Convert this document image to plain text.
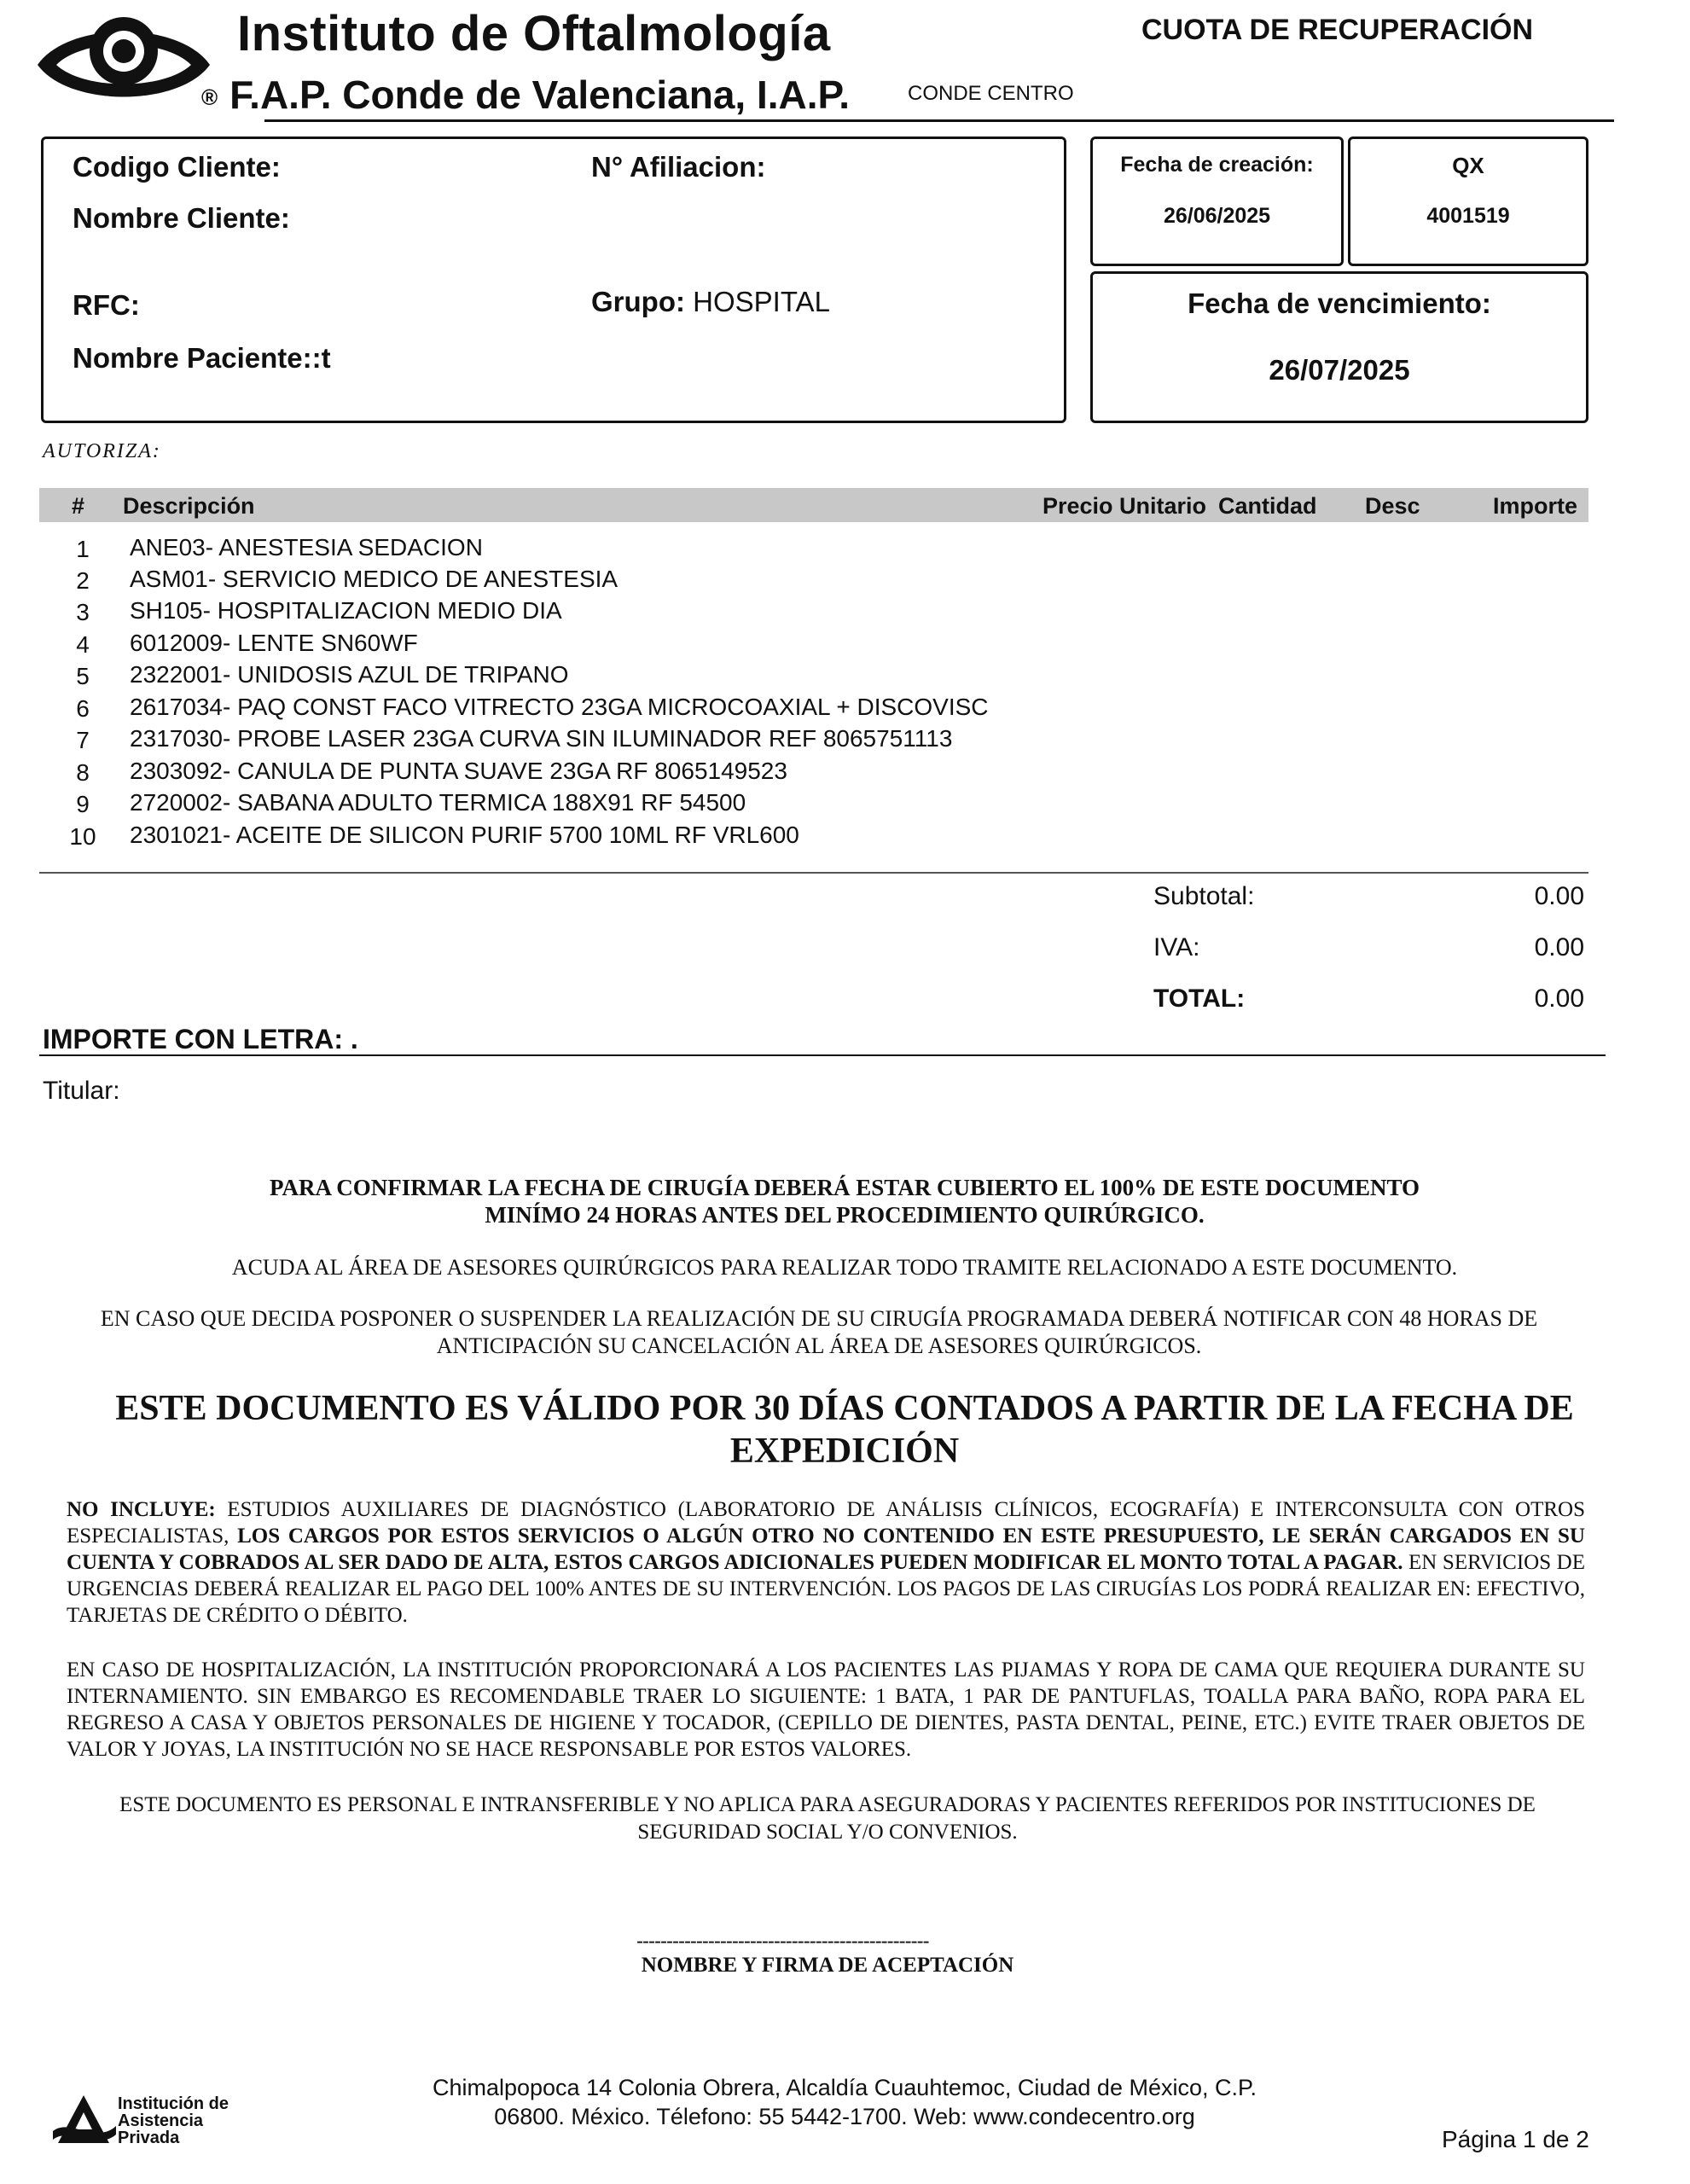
Instituto de Oftalmología
® F.A.P. Conde de Valenciana, I.A.P.	CONDE CENTRO
CUOTA DE RECUPERACIÓN
Codigo Cliente:
Nombre Cliente:
RFC:
Nombre Paciente::t
N° Afiliacion:
Grupo: HOSPITAL
Fecha de creación:
26/06/2025
QX
4001519
Fecha de vencimiento:
26/07/2025
AUTORIZA:
# Descripción	Precio Unitario Cantidad Desc	Importe
1	ANE03- ANESTESIA SEDACION
2	ASM01- SERVICIO MEDICO DE ANESTESIA
3	SH105- HOSPITALIZACION MEDIO DIA
4	6012009- LENTE SN60WF
5	2322001- UNIDOSIS AZUL DE TRIPANO
6	2617034- PAQ CONST FACO VITRECTO 23GA MICROCOAXIAL + DISCOVISC
7	2317030- PROBE LASER 23GA CURVA SIN ILUMINADOR REF 8065751113
8	2303092- CANULA DE PUNTA SUAVE 23GA RF 8065149523
9	2720002- SABANA ADULTO TERMICA 188X91 RF 54500
10	2301021- ACEITE DE SILICON PURIF 5700 10ML RF VRL600
Subtotal:	0.00
IVA:	0.00
TOTAL:	0.00
IMPORTE CON LETRA: .
Titular:
PARA CONFIRMAR LA FECHA DE CIRUGÍA DEBERÁ ESTAR CUBIERTO EL 100% DE ESTE DOCUMENTO
MINÍMO 24 HORAS ANTES DEL PROCEDIMIENTO QUIRÚRGICO.
ACUDA AL ÁREA DE ASESORES QUIRÚRGICOS PARA REALIZAR TODO TRAMITE RELACIONADO A ESTE DOCUMENTO.
EN CASO QUE DECIDA POSPONER O SUSPENDER LA REALIZACIÓN DE SU CIRUGÍA PROGRAMADA DEBERÁ NOTIFICAR CON 48 HORAS DE ANTICIPACIÓN SU CANCELACIÓN AL ÁREA DE ASESORES QUIRÚRGICOS.
ESTE DOCUMENTO ES VÁLIDO POR 30 DÍAS CONTADOS A PARTIR DE LA FECHA DE EXPEDICIÓN
NO INCLUYE: ESTUDIOS AUXILIARES DE DIAGNÓSTICO (LABORATORIO DE ANÁLISIS CLÍNICOS, ECOGRAFÍA) E INTERCONSULTA CON OTROS ESPECIALISTAS, LOS CARGOS POR ESTOS SERVICIOS O ALGÚN OTRO NO CONTENIDO EN ESTE PRESUPUESTO, LE SERÁN CARGADOS EN SU CUENTA Y COBRADOS AL SER DADO DE ALTA, ESTOS CARGOS ADICIONALES PUEDEN MODIFICAR EL MONTO TOTAL A PAGAR. EN SERVICIOS DE URGENCIAS DEBERÁ REALIZAR EL PAGO DEL 100% ANTES DE SU INTERVENCIÓN. LOS PAGOS DE LAS CIRUGÍAS LOS PODRÁ REALIZAR EN: EFECTIVO, TARJETAS DE CRÉDITO O DÉBITO.
EN CASO DE HOSPITALIZACIÓN, LA INSTITUCIÓN PROPORCIONARÁ A LOS PACIENTES LAS PIJAMAS Y ROPA DE CAMA QUE REQUIERA DURANTE SU INTERNAMIENTO. SIN EMBARGO ES RECOMENDABLE TRAER LO SIGUIENTE: 1 BATA, 1 PAR DE PANTUFLAS, TOALLA PARA BAÑO, ROPA PARA EL REGRESO A CASA Y OBJETOS PERSONALES DE HIGIENE Y TOCADOR, (CEPILLO DE DIENTES, PASTA DENTAL, PEINE, ETC.) EVITE TRAER OBJETOS DE VALOR Y JOYAS, LA INSTITUCIÓN NO SE HACE RESPONSABLE POR ESTOS VALORES.
ESTE DOCUMENTO ES PERSONAL E INTRANSFERIBLE Y NO APLICA PARA ASEGURADORAS Y PACIENTES REFERIDOS POR INSTITUCIONES DE SEGURIDAD SOCIAL Y/O CONVENIOS.
-------------------------------------------------
NOMBRE Y FIRMA DE ACEPTACIÓN
Institución de
Asistencia
Privada
Chimalpopoca 14 Colonia Obrera, Alcaldía Cuauhtemoc, Ciudad de México, C.P.
06800. México. Télefono: 55 5442-1700. Web: www.condecentro.org
Página 1 de 2
